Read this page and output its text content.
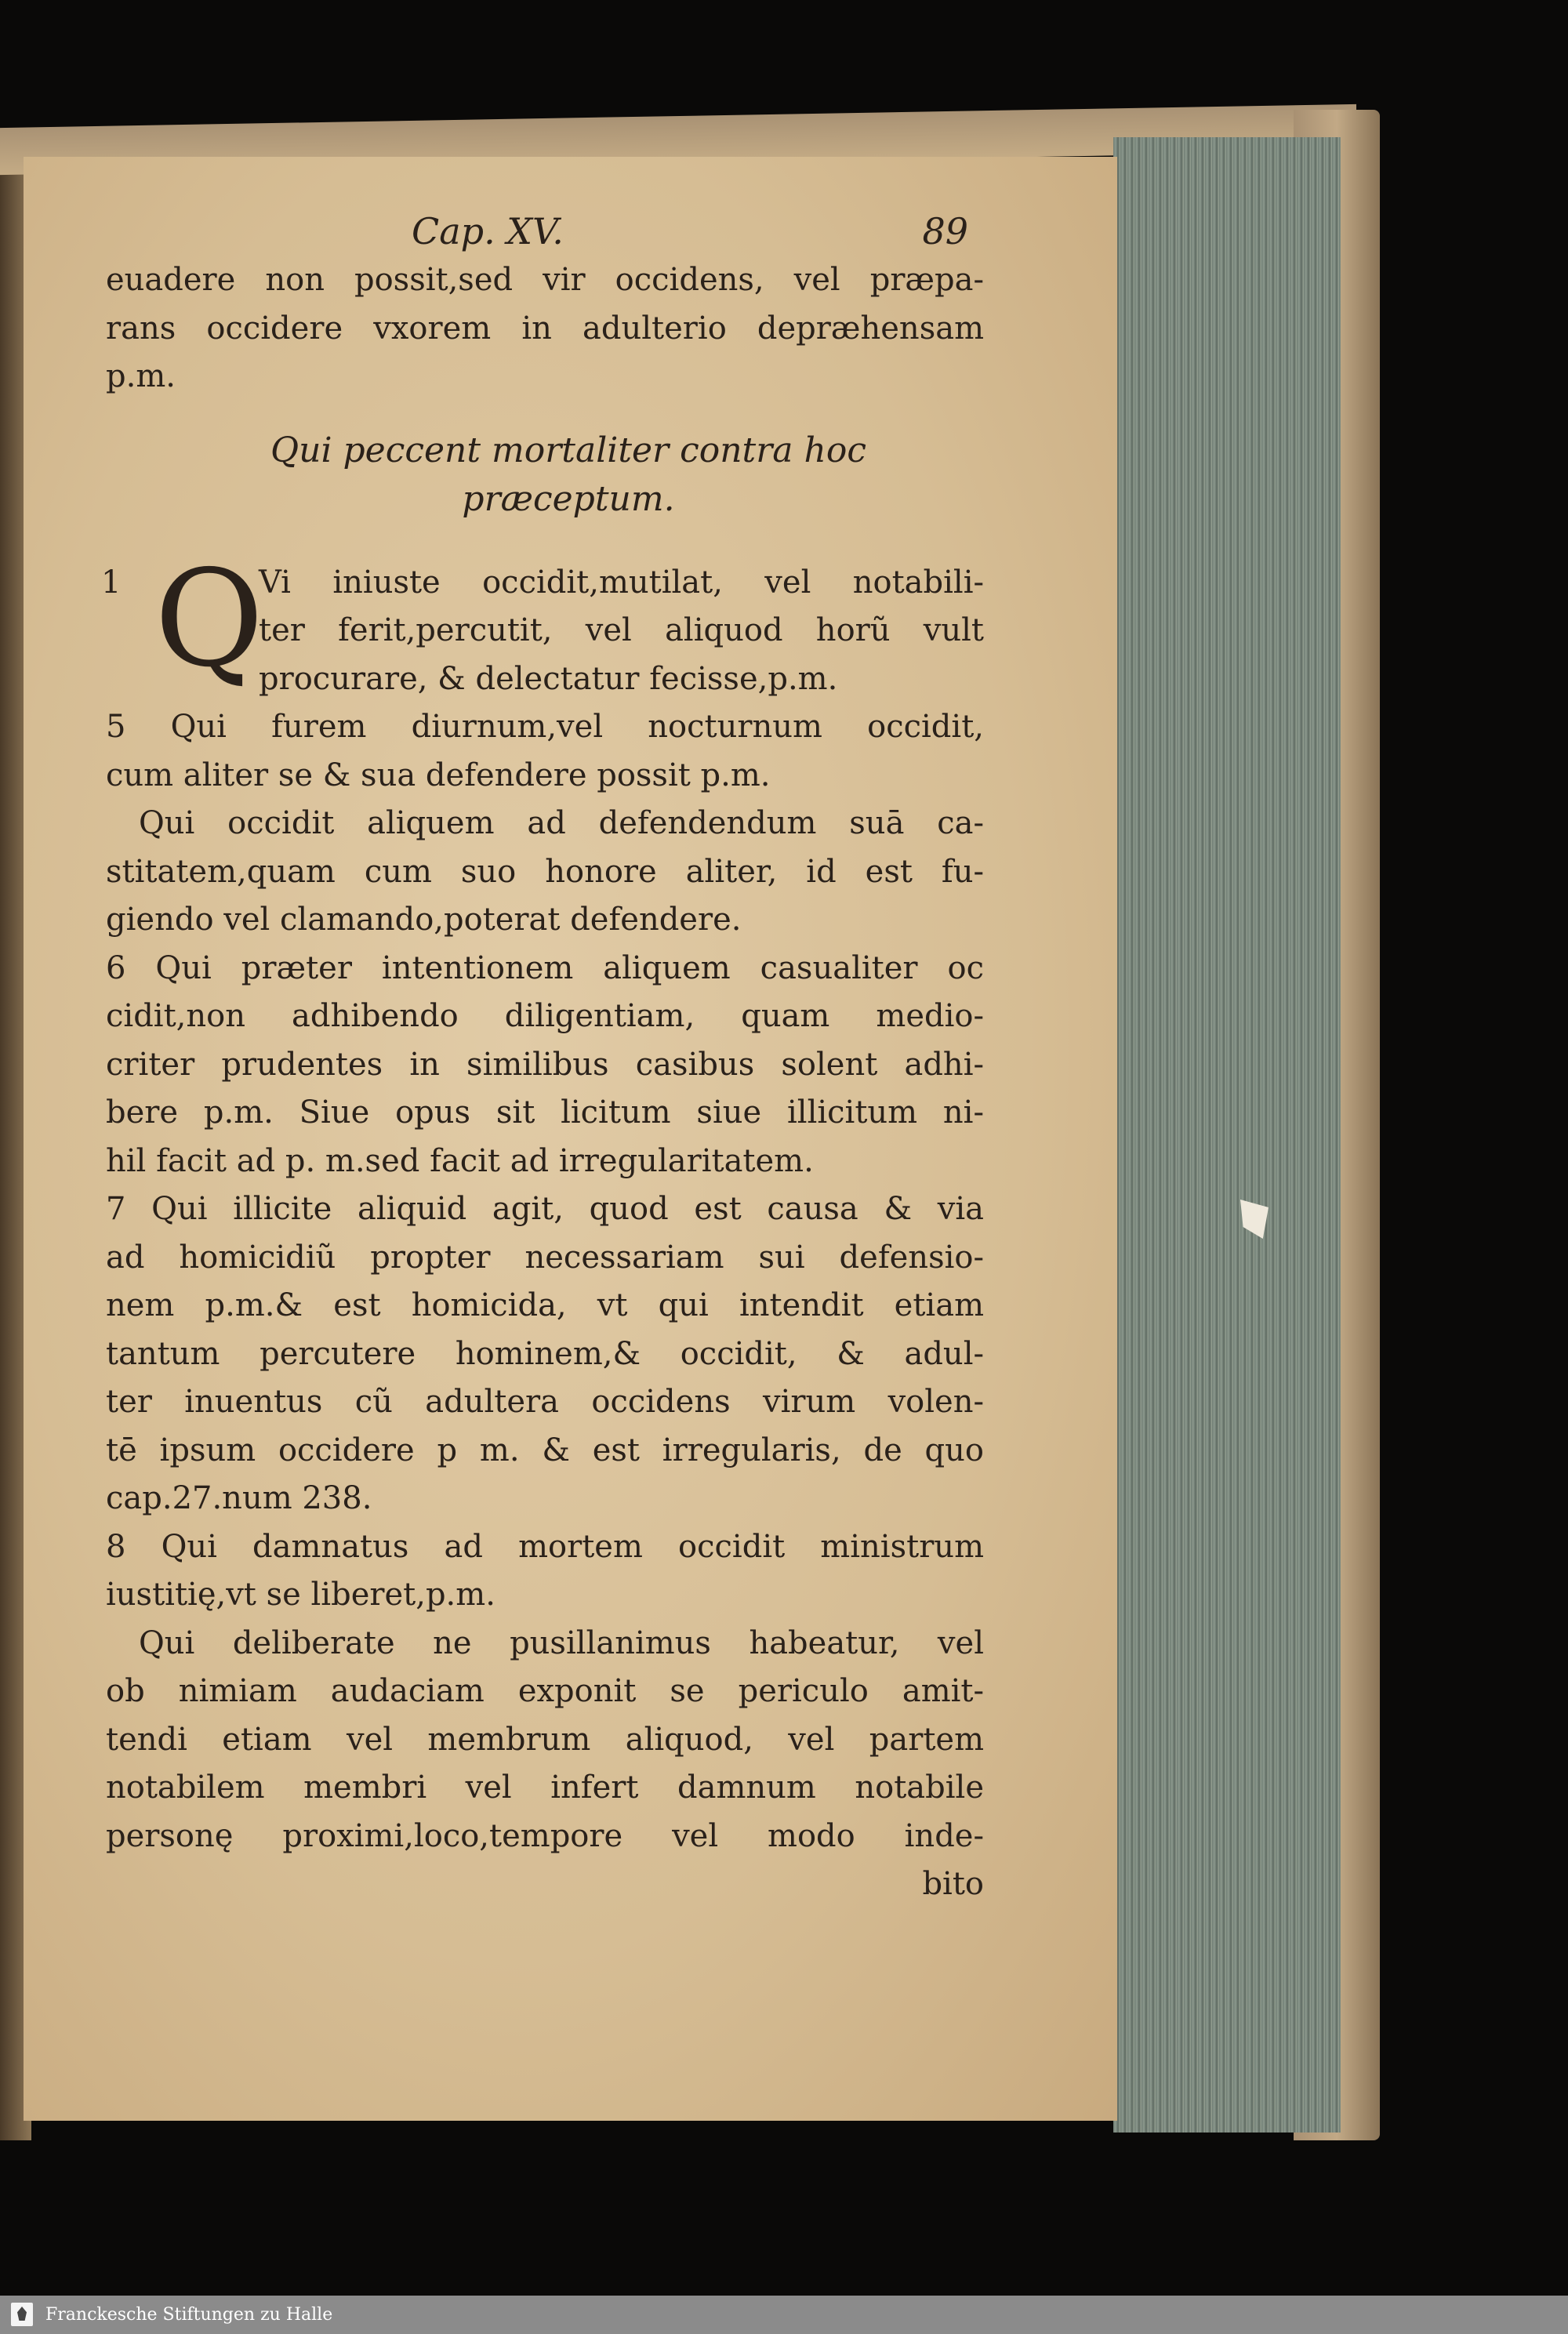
Cap. XV.	89
euadere non possit,sed vir occidens, vel præpa-
rans occidere vxorem in adulterio depræhensam
p.m.
Qui peccent mortaliter contra hoc
præceptum.
1 Q
Vi iniuste occidit,mutilat, vel notabili-
ter ferit,percutit, vel aliquod horũ vult
procurare, & delectatur fecisse,p.m.
5 Qui furem diurnum,vel nocturnum occidit,
cum aliter se & sua defendere possit p.m.
Qui occidit aliquem ad defendendum suā ca-
stitatem,quam cum suo honore aliter, id est fu-
giendo vel clamando,poterat defendere.
6 Qui præter intentionem aliquem casualiter oc
cidit,non adhibendo diligentiam, quam medio-
criter prudentes in similibus casibus solent adhi-
bere p.m. Siue opus sit licitum siue illicitum ni-
hil facit ad p. m.sed facit ad irregularitatem.
7 Qui illicite aliquid agit, quod est causa & via
ad homicidiũ propter necessariam sui defensio-
nem p.m.& est homicida, vt qui intendit etiam
tantum percutere hominem,& occidit, & adul-
ter inuentus cũ adultera occidens virum volen-
tē ipsum occidere p m. & est irregularis, de quo
cap.27.num 238.
8 Qui damnatus ad mortem occidit ministrum
iustitię,vt se liberet,p.m.
Qui deliberate ne pusillanimus habeatur, vel
ob nimiam audaciam exponit se periculo amit-
tendi etiam vel membrum aliquod, vel partem
notabilem membri vel infert damnum notabile
personę proximi,loco,tempore vel modo inde-
bito
Franckesche Stiftungen zu Halle
